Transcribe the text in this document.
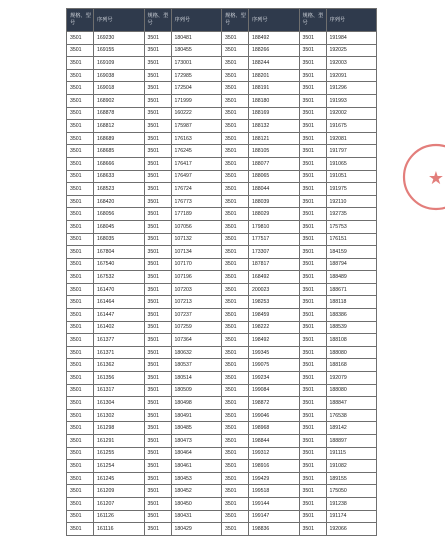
规格、型号	序列号	规格、型号	序列号	规格、型号	序列号	规格、型号	序列号
3501	169230	3501	180481	3501	188492	3501	191984
3501	169155	3501	180455	3501	188266	3501	192025
3501	169109	3501	173001	3501	188244	3501	192003
3501	169038	3501	172985	3501	188201	3501	192091
3501	169018	3501	172504	3501	188191	3501	191296
3501	168902	3501	171999	3501	188180	3501	191993
3501	168878	3501	160222	3501	188169	3501	192002
3501	168812	3501	175987	3501	188132	3501	191675
3501	168689	3501	176163	3501	188121	3501	192081
3501	168685	3501	176245	3501	188105	3501	191797
3501	168666	3501	176417	3501	188077	3501	191065
3501	168633	3501	176497	3501	188065	3501	191051
3501	168523	3501	176724	3501	188044	3501	191975
3501	168420	3501	176773	3501	188039	3501	192110
3501	168056	3501	177189	3501	188029	3501	192735
3501	168045	3501	107056	3501	179810	3501	175753
3501	168035	3501	107132	3501	177517	3501	176151
3501	167804	3501	107134	3501	173307	3501	184159
3501	167540	3501	107170	3501	187817	3501	188794
3501	167532	3501	107196	3501	168492	3501	188489
3501	161470	3501	107203	3501	200023	3501	188671
3501	161464	3501	107213	3501	198253	3501	188118
3501	161447	3501	107237	3501	198459	3501	188386
3501	161402	3501	107259	3501	198222	3501	188539
3501	161377	3501	107364	3501	198492	3501	188108
3501	161371	3501	180632	3501	199345	3501	188080
3501	161362	3501	180537	3501	199075	3501	188168
3501	161356	3501	180514	3501	199234	3501	192079
3501	161317	3501	180509	3501	199084	3501	188080
3501	161304	3501	180498	3501	198872	3501	188847
3501	161302	3501	180491	3501	199046	3501	176538
3501	161298	3501	180485	3501	198968	3501	189142
3501	161291	3501	180473	3501	198844	3501	188897
3501	161255	3501	180464	3501	199312	3501	191115
3501	161254	3501	180461	3501	198916	3501	191082
3501	161245	3501	180453	3501	199429	3501	189155
3501	161209	3501	180452	3501	199518	3501	175050
3501	161207	3501	180450	3501	199144	3501	191238
3501	161126	3501	180431	3501	199147	3501	191174
3501	161116	3501	180429	3501	198836	3501	192066
★
